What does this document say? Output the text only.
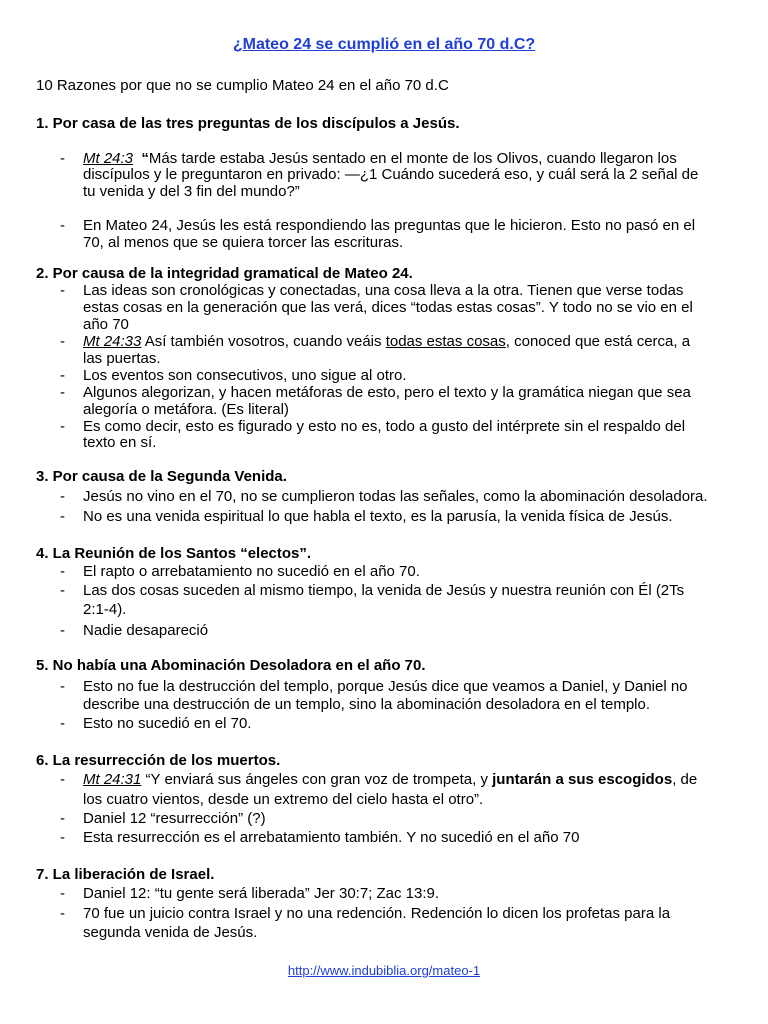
¿Mateo 24 se cumplió en el año 70 d.C?
10 Razones por que no se cumplio Mateo 24 en el año 70 d.C
1. Por casa de las tres preguntas de los discípulos a Jesús.
- Mt 24:3 “Más tarde estaba Jesús sentado en el monte de los Olivos, cuando llegaron los
discípulos y le preguntaron en privado: —¿1 Cuándo sucederá eso, y cuál será la 2 señal de
tu venida y del 3 fin del mundo?”
- En Mateo 24, Jesús les está respondiendo las preguntas que le hicieron. Esto no pasó en el
70, al menos que se quiera torcer las escrituras.
2. Por causa de la integridad gramatical de Mateo 24.
- Las ideas son cronológicas y conectadas, una cosa lleva a la otra. Tienen que verse todas
estas cosas en la generación que las verá, dices “todas estas cosas”. Y todo no se vio en el
año 70
- Mt 24:33 Así también vosotros, cuando veáis todas estas cosas, conoced que está cerca, a
las puertas.
- Los eventos son consecutivos, uno sigue al otro.
- Algunos alegorizan, y hacen metáforas de esto, pero el texto y la gramática niegan que sea
alegoría o metáfora. (Es literal)
- Es como decir, esto es figurado y esto no es, todo a gusto del intérprete sin el respaldo del
texto en sí.
3. Por causa de la Segunda Venida.
- Jesús no vino en el 70, no se cumplieron todas las señales, como la abominación desoladora.
- No es una venida espiritual lo que habla el texto, es la parusía, la venida física de Jesús.
4. La Reunión de los Santos “electos”.
- El rapto o arrebatamiento no sucedió en el año 70.
- Las dos cosas suceden al mismo tiempo, la venida de Jesús y nuestra reunión con Él (2Ts
2:1-4).
- Nadie desapareció
5. No había una Abominación Desoladora en el año 70.
- Esto no fue la destrucción del templo, porque Jesús dice que veamos a Daniel, y Daniel no
describe una destrucción de un templo, sino la abominación desoladora en el templo.
- Esto no sucedió en el 70.
6. La resurrección de los muertos.
- Mt 24:31 “Y enviará sus ángeles con gran voz de trompeta, y juntarán a sus escogidos, de
los cuatro vientos, desde un extremo del cielo hasta el otro”.
- Daniel 12 “resurrección” (?)
- Esta resurrección es el arrebatamiento también. Y no sucedió en el año 70
7. La liberación de Israel.
- Daniel 12: “tu gente será liberada” Jer 30:7; Zac 13:9.
- 70 fue un juicio contra Israel y no una redención. Redención lo dicen los profetas para la
segunda venida de Jesús.
http://www.indubiblia.org/mateo-1
